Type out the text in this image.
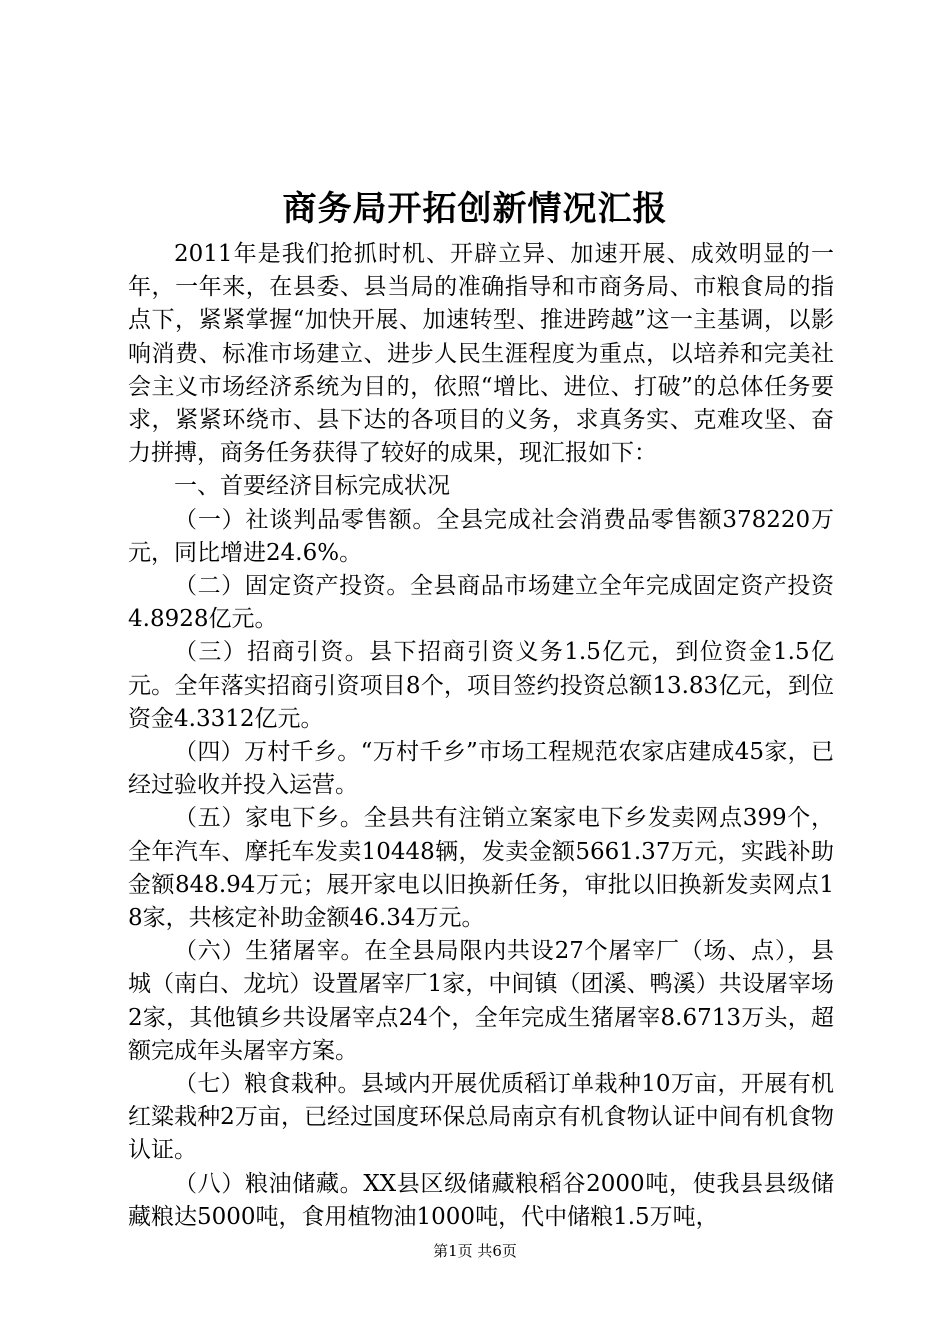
商务局开拓创新情况汇报

2011年是我们抢抓时机、开辟立异、加速开展、成效明显的一年，一年来，在县委、县当局的准确指导和市商务局、市粮食局的指点下，紧紧掌握“加快开展、加速转型、推进跨越”这一主基调，以影响消费、标准市场建立、进步人民生涯程度为重点，以培养和完美社会主义市场经济系统为目的，依照“增比、进位、打破”的总体任务要求，紧紧环绕市、县下达的各项目的义务，求真务实、克难攻坚、奋力拼搏，商务任务获得了较好的成果，现汇报如下：

一、首要经济目标完成状况

（一）社谈判品零售额。全县完成社会消费品零售额378220万元，同比增进24.6%。

（二）固定资产投资。全县商品市场建立全年完成固定资产投资4.8928亿元。

（三）招商引资。县下招商引资义务1.5亿元，到位资金1.5亿元。全年落实招商引资项目8个，项目签约投资总额13.83亿元，到位资金4.3312亿元。

（四）万村千乡。“万村千乡”市场工程规范农家店建成45家，已经过验收并投入运营。

（五）家电下乡。全县共有注销立案家电下乡发卖网点399个，全年汽车、摩托车发卖10448辆，发卖金额5661.37万元，实践补助金额848.94万元；展开家电以旧换新任务，审批以旧换新发卖网点18家，共核定补助金额46.34万元。

（六）生猪屠宰。在全县局限内共设27个屠宰厂（场、点），县城（南白、龙坑）设置屠宰厂1家，中间镇（团溪、鸭溪）共设屠宰场2家，其他镇乡共设屠宰点24个，全年完成生猪屠宰8.6713万头，超额完成年头屠宰方案。

（七）粮食栽种。县域内开展优质稻订单栽种10万亩，开展有机红粱栽种2万亩，已经过国度环保总局南京有机食物认证中间有机食物认证。

（八）粮油储藏。XX县区级储藏粮稻谷2000吨，使我县县级储藏粮达5000吨，食用植物油1000吨，代中储粮1.5万吨，

第1页 共6页
